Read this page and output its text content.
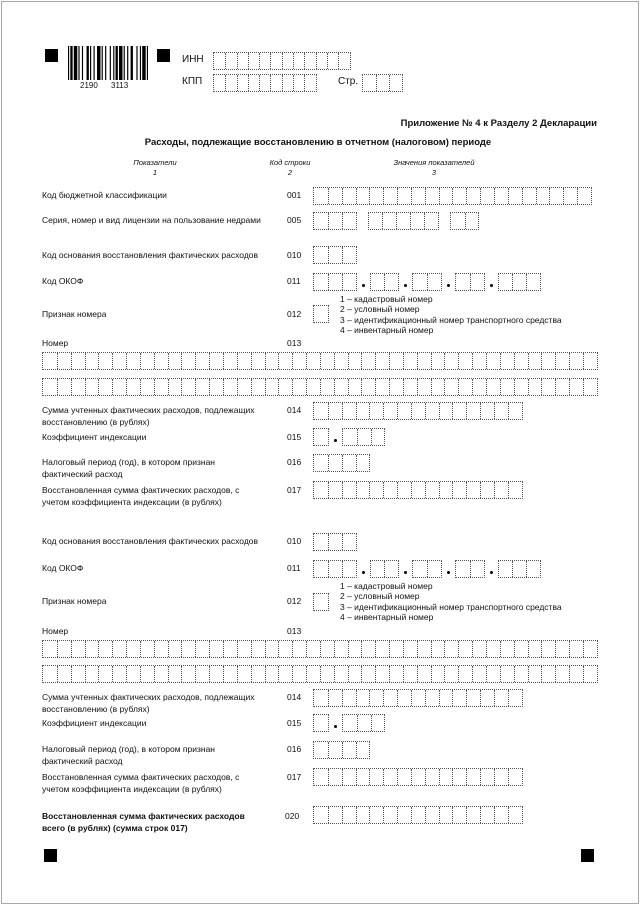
2190 3113
ИНН
КПП	Стр.
Приложение № 4 к Разделу 2 Декларации
Расходы, подлежащие восстановлению в отчетном (налоговом) периоде
Показатели
1
Код строки
2
Значения показателей
3
Код бюджетной классификации	001
Серия, номер и вид лицензии на пользование недрами	005
Код основания восстановления фактических расходов	010
Код ОКОФ	011
Признак номера	012
1 – кадастровый номер
2 – условный номер
3 – идентификационный номер транспортного средства
4 – инвентарный номер
Номер	013
Сумма учтенных фактических расходов, подлежащих
восстановлению (в рублях)
014
Коэффициент индексации	015
Налоговый период (год), в котором признан
фактический расход
016
Восстановленная сумма фактических расходов, с
учетом коэффициента индексации (в рублях)
017
Код основания восстановления фактических расходов	010
Код ОКОФ	011
Признак номера	012
1 – кадастровый номер
2 – условный номер
3 – идентификационный номер транспортного средства
4 – инвентарный номер
Номер	013
Сумма учтенных фактических расходов, подлежащих
восстановлению (в рублях)
014
Коэффициент индексации	015
Налоговый период (год), в котором признан
фактический расход
016
Восстановленная сумма фактических расходов, с
учетом коэффициента индексации (в рублях)
017
Восстановленная сумма фактических расходов
всего (в рублях) (сумма строк 017)
020
